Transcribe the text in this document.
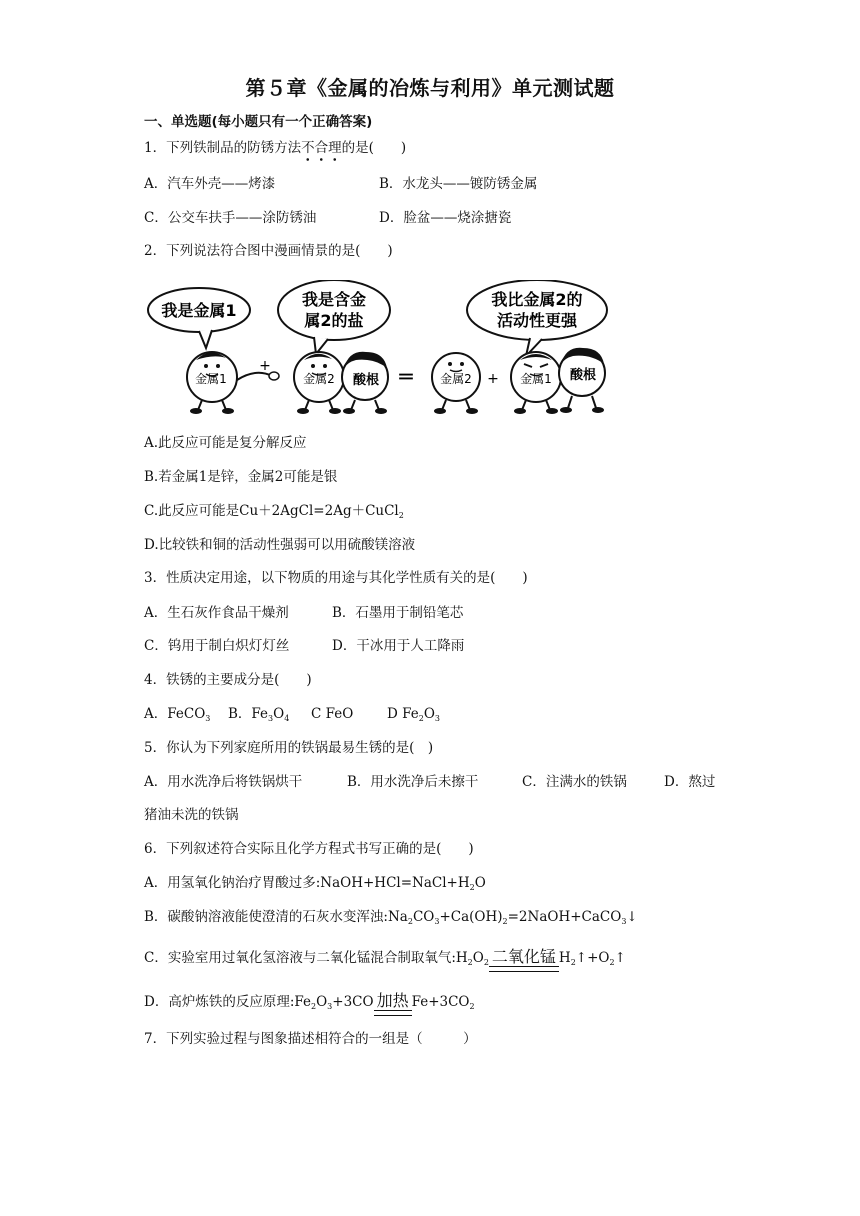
第５章《金属的冶炼与利用》单元测试题
一、单选题(每小题只有一个正确答案)
1．下列铁制品的防锈方法不合理的是(　　)
A．汽车外壳——烤漆	B．水龙头——镀防锈金属
C．公交车扶手——涂防锈油	D．脸盆——烧涂搪瓷
2．下列说法符合图中漫画情景的是(　　)
我是金属1
我是含金
属2的盐
我比金属2的
活动性更强
金属1
+
金属2 酸根 ═ 金属2 + 金属1 酸根
A.此反应可能是复分解反应
B.若金属1是锌，金属2可能是银
C.此反应可能是Cu＋2AgCl=2Ag＋CuCl$_2$
D.比较铁和铜的活动性强弱可以用硫酸镁溶液
3．性质决定用途，以下物质的用途与其化学性质有关的是(　　)
A．生石灰作食品干燥剂	B．石墨用于制铅笔芯
C．钨用于制白炽灯灯丝	D．干冰用于人工降雨
4．铁锈的主要成分是(　　)
A．FeCO$_3$ B．$Fe_3O_4$ C FeO D $Fe_2O_3$
5．你认为下列家庭所用的铁锅最易生锈的是(　)
A．用水洗净后将铁锅烘干	B．用水洗净后未擦干	C．注满水的铁锅	D．熬过
猪油未洗的铁锅
6．下列叙述符合实际且化学方程式书写正确的是(　　)
A．用氢氧化钠治疗胃酸过多$:NaOH+HCl=NaCl+H_2O$
B．碳酸钠溶液能使澄清的石灰水变浑浊$:Na_2CO_3+Ca(OH)_2=2NaOH+CaCO_3↓$
C．实验室用过氧化氢溶液与二氧化锰混合制取氧气$:H_2O_2$ 二氧化锰 $H_2↑+O_2↑$
D．高炉炼铁的反应原理$:Fe_2O_3+3CO$ 加热 $Fe+3CO_2$
7．下列实验过程与图象描述相符合的一组是（　　　）
